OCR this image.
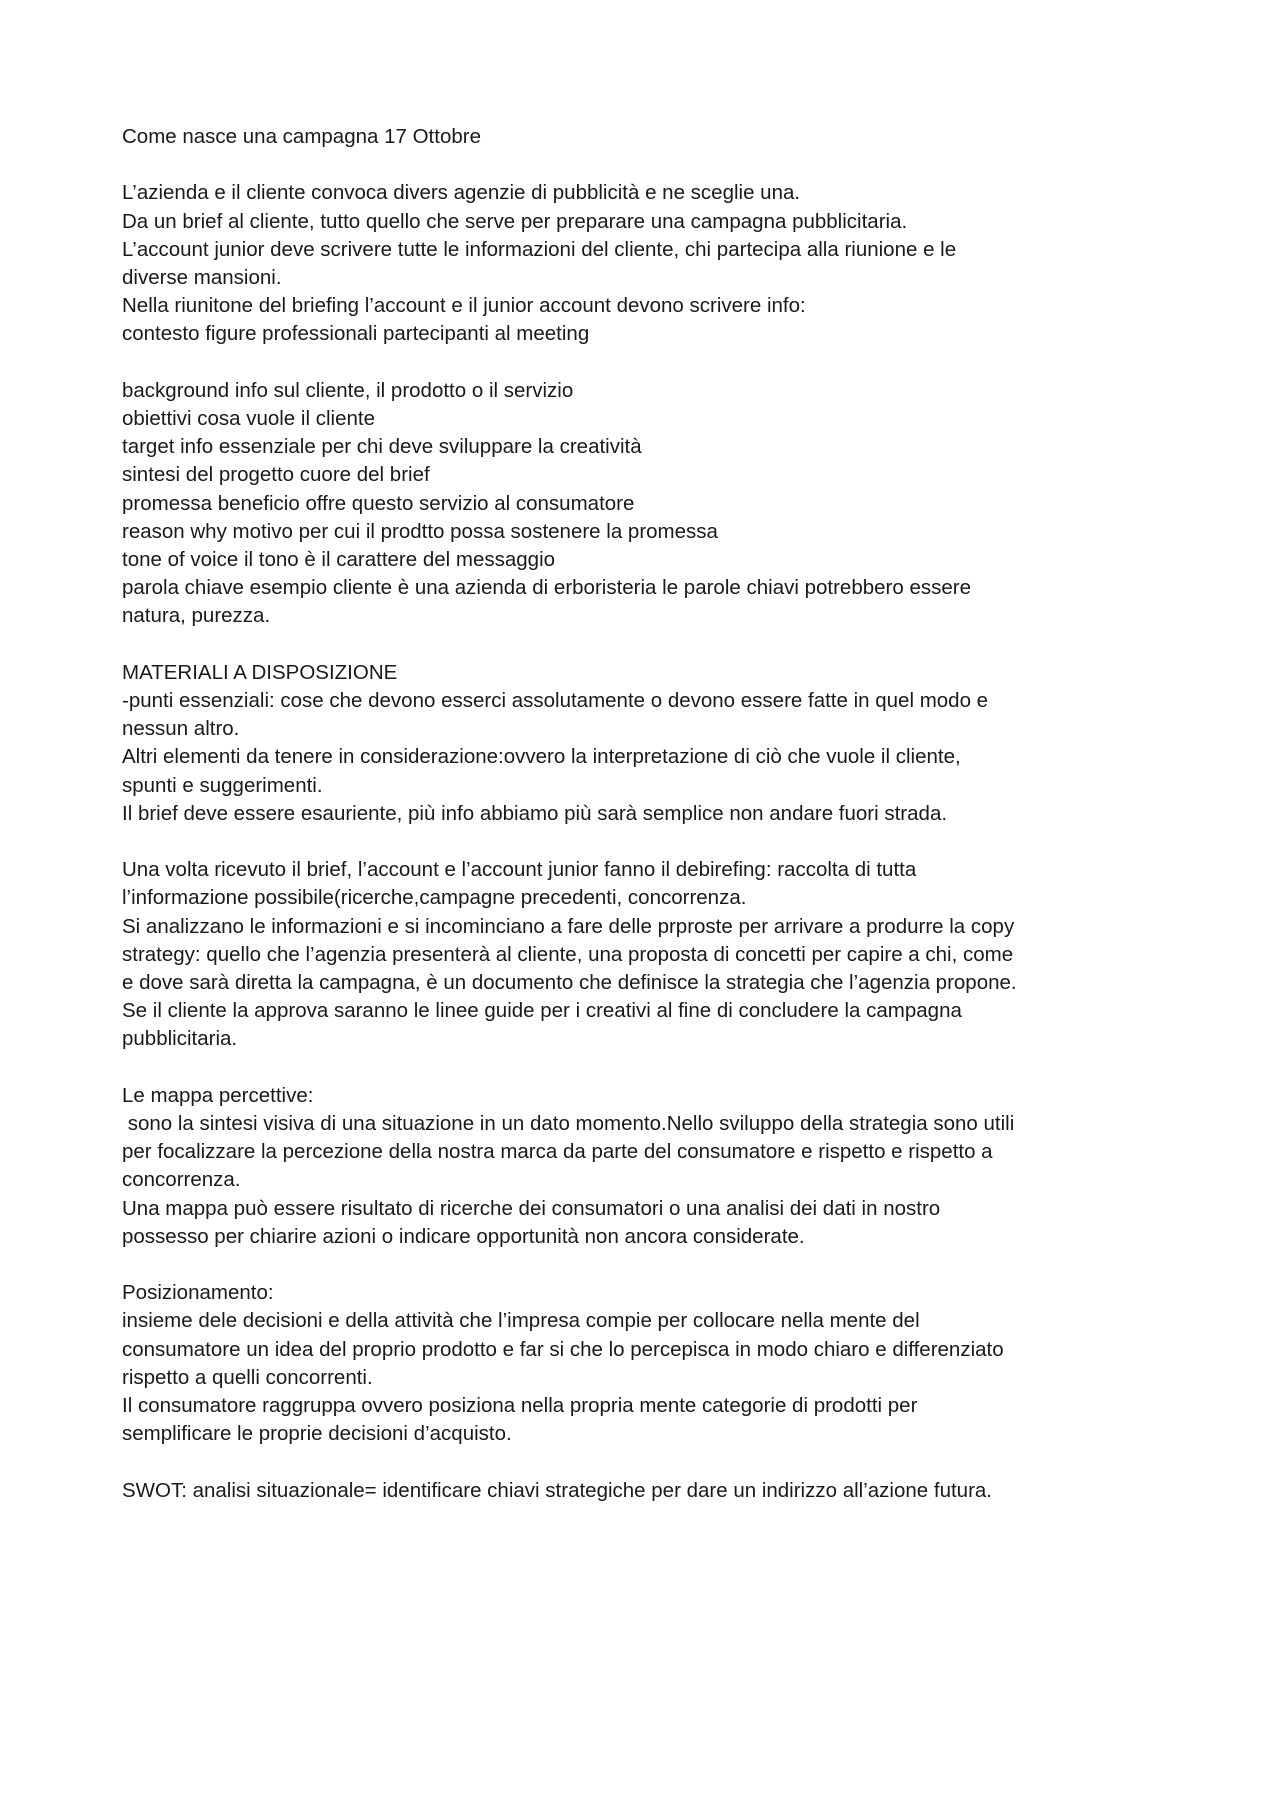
Come nasce una campagna 17 Ottobre
L’azienda e il cliente convoca divers agenzie di pubblicità e ne sceglie una.
Da un brief al cliente, tutto quello che serve per preparare una campagna pubblicitaria.
L’account junior deve scrivere tutte le informazioni del cliente, chi partecipa alla riunione e le
diverse mansioni.
Nella riunitone del briefing l’account e il junior account devono scrivere info:
contesto figure professionali partecipanti al meeting
background info sul cliente, il prodotto o il servizio
obiettivi cosa vuole il cliente
target info essenziale per chi deve sviluppare la creatività
sintesi del progetto cuore del brief
promessa beneficio offre questo servizio al consumatore
reason why motivo per cui il prodtto possa sostenere la promessa
tone of voice il tono è il carattere del messaggio
parola chiave esempio cliente è una azienda di erboristeria le parole chiavi potrebbero essere
natura, purezza.
MATERIALI A DISPOSIZIONE
-punti essenziali: cose che devono esserci assolutamente o devono essere fatte in quel modo e
nessun altro.
Altri elementi da tenere in considerazione:ovvero la interpretazione di ciò che vuole il cliente,
spunti e suggerimenti.
Il brief deve essere esauriente, più info abbiamo più sarà semplice non andare fuori strada.
Una volta ricevuto il brief, l’account e l’account junior fanno il debirefing: raccolta di tutta
l’informazione possibile(ricerche,campagne precedenti, concorrenza.
Si analizzano le informazioni e si incominciano a fare delle prproste per arrivare a produrre la copy
strategy: quello che l’agenzia presenterà al cliente, una proposta di concetti per capire a chi, come
e dove sarà diretta la campagna, è un documento che definisce la strategia che l’agenzia propone.
Se il cliente la approva saranno le linee guide per i creativi al fine di concludere la campagna
pubblicitaria.
Le mappa percettive:
sono la sintesi visiva di una situazione in un dato momento.Nello sviluppo della strategia sono utili
per focalizzare la percezione della nostra marca da parte del consumatore e rispetto e rispetto a
concorrenza.
Una mappa può essere risultato di ricerche dei consumatori o una analisi dei dati in nostro
possesso per chiarire azioni o indicare opportunità non ancora considerate.
Posizionamento:
insieme dele decisioni e della attività che l’impresa compie per collocare nella mente del
consumatore un idea del proprio prodotto e far si che lo percepisca in modo chiaro e differenziato
rispetto a quelli concorrenti.
Il consumatore raggruppa ovvero posiziona nella propria mente categorie di prodotti per
semplificare le proprie decisioni d’acquisto.
SWOT: analisi situazionale= identificare chiavi strategiche per dare un indirizzo all’azione futura.
